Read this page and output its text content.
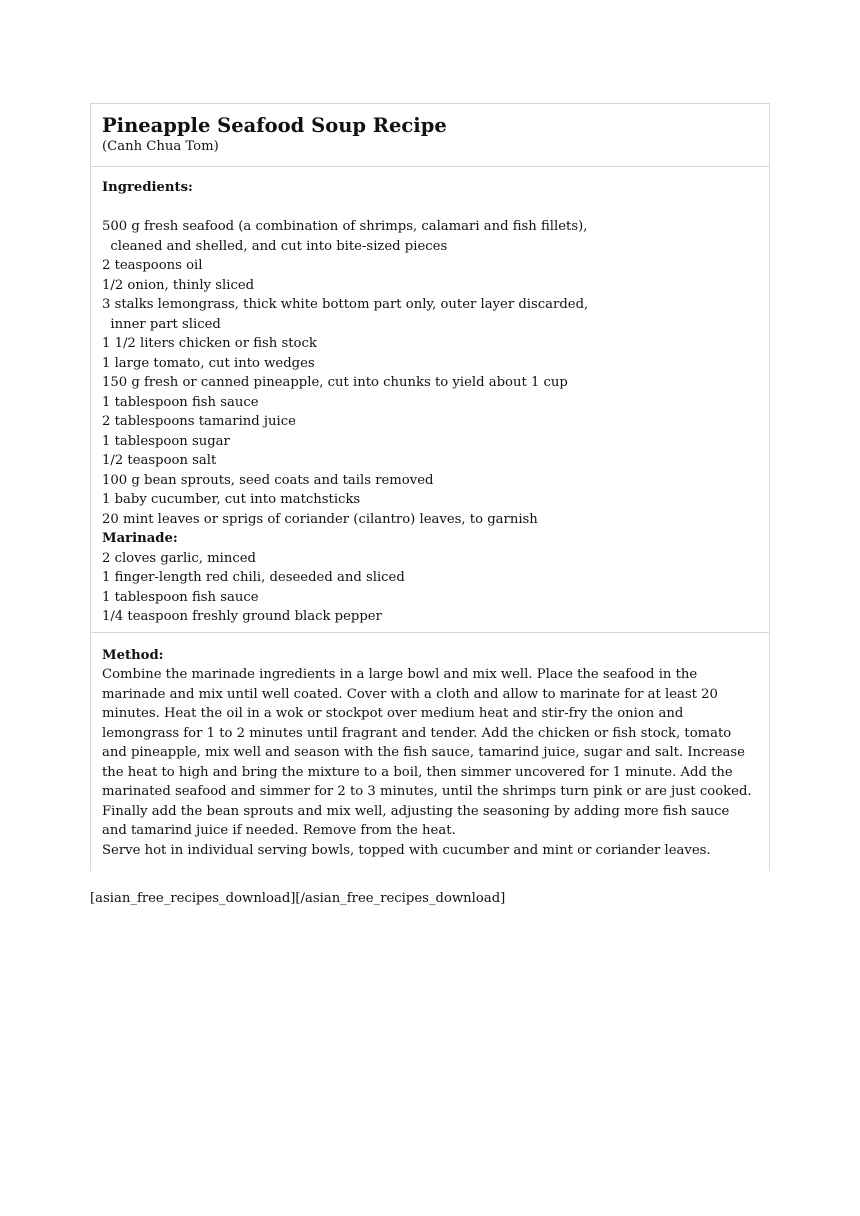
Pineapple Seafood Soup Recipe
(Canh Chua Tom)
Ingredients:
500 g fresh seafood (a combination of shrimps, calamari and fish fillets),
cleaned and shelled, and cut into bite-sized pieces
2 teaspoons oil
1/2 onion, thinly sliced
3 stalks lemongrass, thick white bottom part only, outer layer discarded,
inner part sliced
1 1/2 liters chicken or fish stock
1 large tomato, cut into wedges
150 g fresh or canned pineapple, cut into chunks to yield about 1 cup
1 tablespoon fish sauce
2 tablespoons tamarind juice
1 tablespoon sugar
1/2 teaspoon salt
100 g bean sprouts, seed coats and tails removed
1 baby cucumber, cut into matchsticks
20 mint leaves or sprigs of coriander (cilantro) leaves, to garnish
Marinade:
2 cloves garlic, minced
1 finger-length red chili, deseeded and sliced
1 tablespoon fish sauce
1/4 teaspoon freshly ground black pepper
Method:

Combine the marinade ingredients in a large bowl and mix well. Place the seafood in the marinade and mix until well coated. Cover with a cloth and allow to marinate for at least 20 minutes. Heat the oil in a wok or stockpot over medium heat and stir-fry the onion and lemongrass for 1 to 2 minutes until fragrant and tender. Add the chicken or fish stock, tomato and pineapple, mix well and season with the fish sauce, tamarind juice, sugar and salt. Increase the heat to high and bring the mixture to a boil, then simmer uncovered for 1 minute. Add the marinated seafood and simmer for 2 to 3 minutes, until the shrimps turn pink or are just cooked. Finally add the bean sprouts and mix well, adjusting the seasoning by adding more fish sauce and tamarind juice if needed. Remove from the heat.

Serve hot in individual serving bowls, topped with cucumber and mint or coriander leaves.

[asian_free_recipes_download][/asian_free_recipes_download]
